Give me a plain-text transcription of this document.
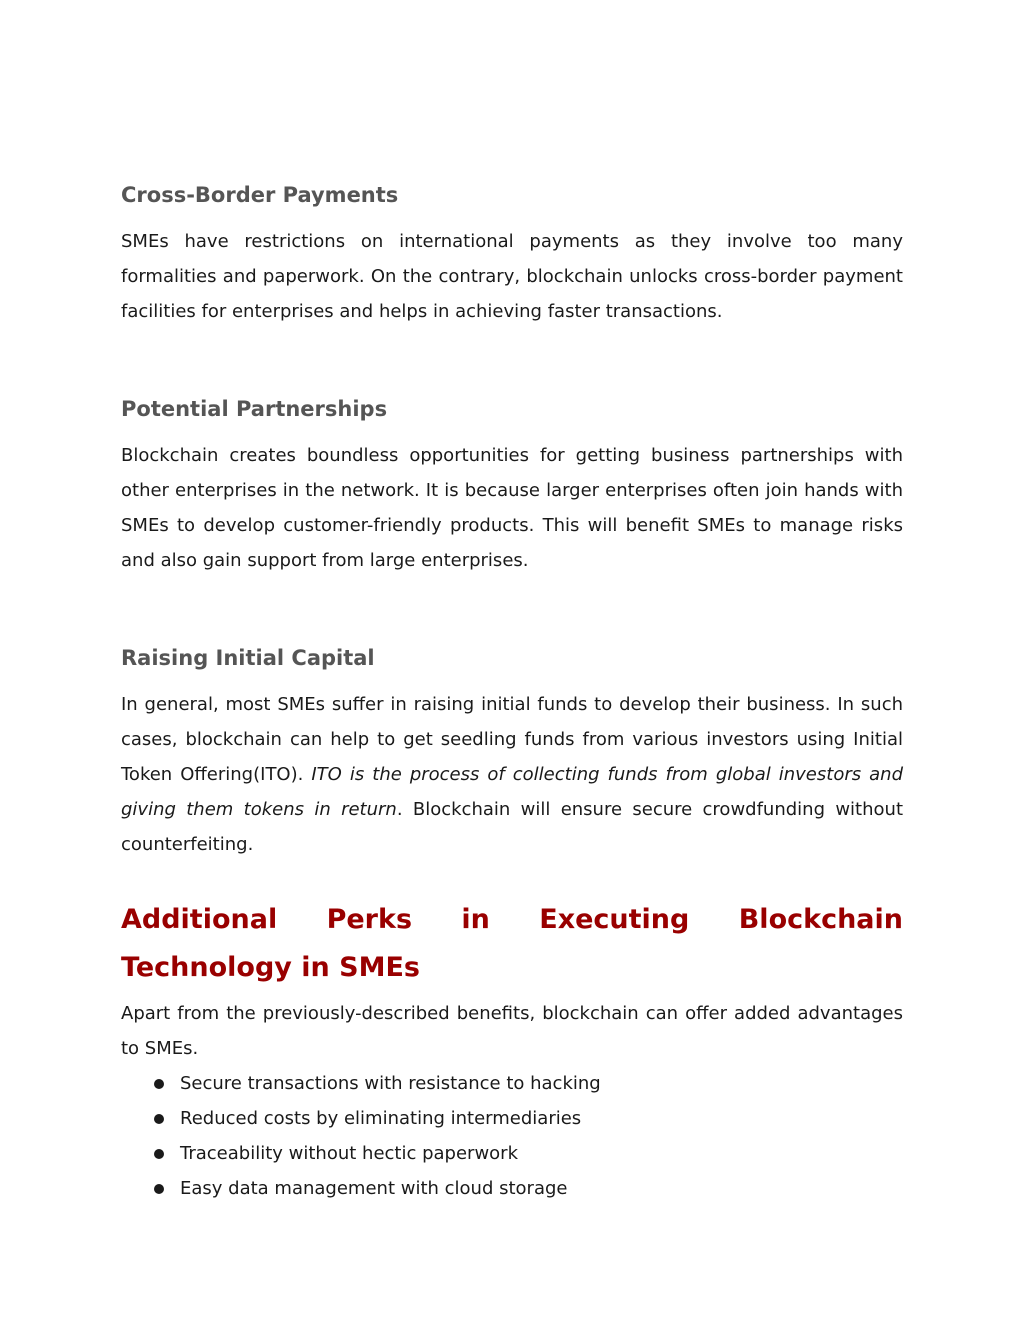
Cross-Border Payments

SMEs have restrictions on international payments as they involve too many formalities and paperwork. On the contrary, blockchain unlocks cross-border payment facilities for enterprises and helps in achieving faster transactions.

Potential Partnerships

Blockchain creates boundless opportunities for getting business partnerships with other enterprises in the network. It is because larger enterprises often join hands with SMEs to develop customer-friendly products. This will benefit SMEs to manage risks and also gain support from large enterprises.

Raising Initial Capital

In general, most SMEs suffer in raising initial funds to develop their business. In such cases, blockchain can help to get seedling funds from various investors using Initial Token Offering(ITO). ITO is the process of collecting funds from global investors and giving them tokens in return. Blockchain will ensure secure crowdfunding without counterfeiting.

Additional Perks in Executing Blockchain Technology in SMEs

Apart from the previously-described benefits, blockchain can offer added advantages to SMEs.

Secure transactions with resistance to hacking
Reduced costs by eliminating intermediaries
Traceability without hectic paperwork
Easy data management with cloud storage
